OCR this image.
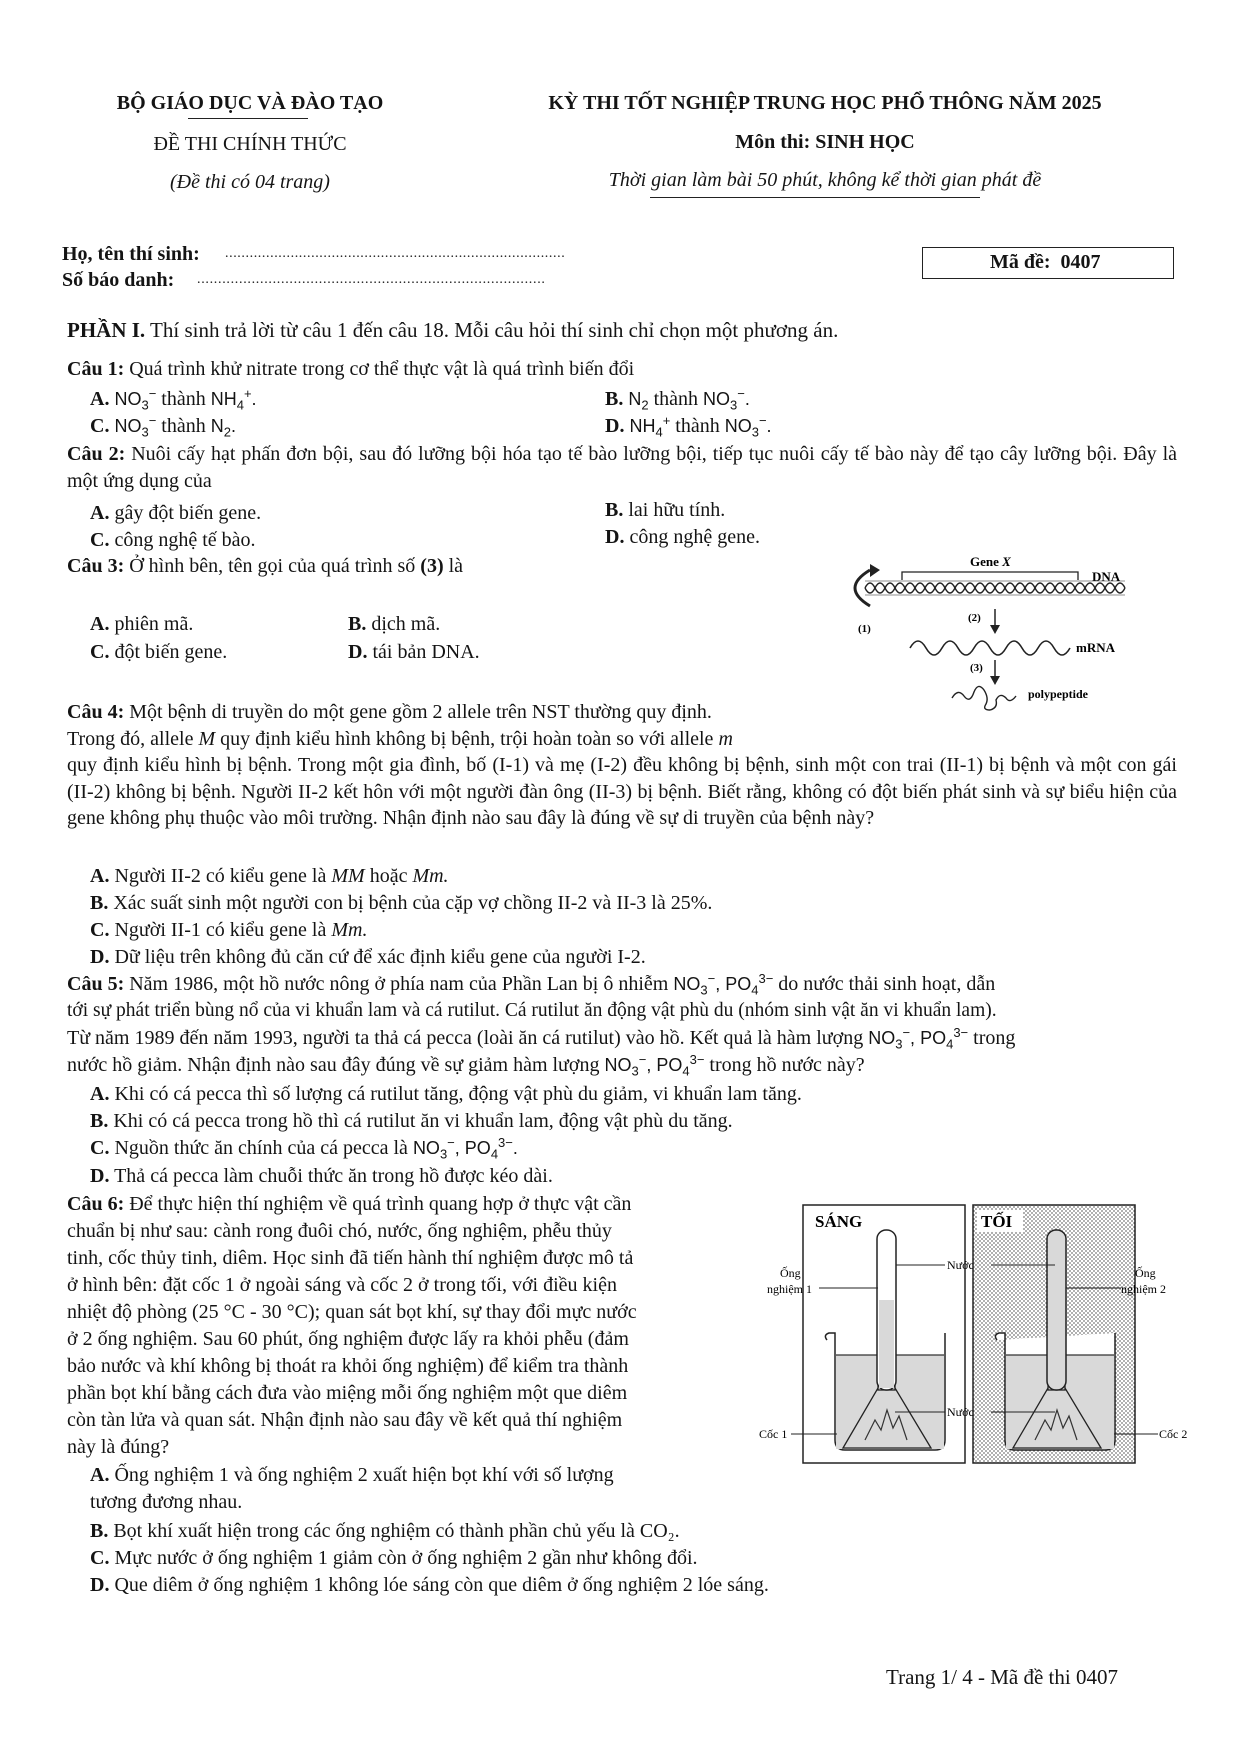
BỘ GIÁO DỤC VÀ ĐÀO TẠO
ĐỀ THI CHÍNH THỨC
(Đề thi có 04 trang)
KỲ THI TỐT NGHIỆP TRUNG HỌC PHỔ THÔNG NĂM 2025
Môn thi: SINH HỌC
Thời gian làm bài 50 phút, không kể thời gian phát đề
Họ, tên thí sinh: ...................................................................................
Số báo danh: ...................................................................................
Mã đề: 0407
PHẦN I. Thí sinh trả lời từ câu 1 đến câu 18. Mỗi câu hỏi thí sinh chỉ chọn một phương án.
Câu 1: Quá trình khử nitrate trong cơ thể thực vật là quá trình biến đổi
A. $NO_3^-$ thành $NH_4^+$.	B. $N_2$ thành $NO_3^-$.
C. $NO_3^-$ thành $N_2$.	D. $NH_4^+$ thành $NO_3^-$.
Câu 2: Nuôi cấy hạt phấn đơn bội, sau đó lưỡng bội hóa tạo tế bào lưỡng bội, tiếp tục nuôi cấy tế bào này để tạo cây lưỡng bội. Đây là một ứng dụng của
A. gây đột biến gene.	B. lai hữu tính.
C. công nghệ tế bào.	D. công nghệ gene.
Câu 3: Ở hình bên, tên gọi của quá trình số (3) là
A. phiên mã.	B. dịch mã.
C. đột biến gene.	D. tái bản DNA.
Gene X
DNA
(1)
(2)
mRNA
(3)
polypeptide
Câu 4: Một bệnh di truyền do một gene gồm 2 allele trên NST thường quy định.
Trong đó, allele M quy định kiểu hình không bị bệnh, trội hoàn toàn so với allele m
quy định kiểu hình bị bệnh. Trong một gia đình, bố (I-1) và mẹ (I-2) đều không bị bệnh, sinh một con trai (II-1) bị bệnh và một con gái (II-2) không bị bệnh. Người II-2 kết hôn với một người đàn ông (II-3) bị bệnh. Biết rằng, không có đột biến phát sinh và sự biểu hiện của gene không phụ thuộc vào môi trường. Nhận định nào sau đây là đúng về sự di truyền của bệnh này?
A. Người II-2 có kiểu gene là MM hoặc Mm.
B. Xác suất sinh một người con bị bệnh của cặp vợ chồng II-2 và II-3 là 25%.
C. Người II-1 có kiểu gene là Mm.
D. Dữ liệu trên không đủ căn cứ để xác định kiểu gene của người I-2.
Câu 5: Năm 1986, một hồ nước nông ở phía nam của Phần Lan bị ô nhiễm $NO_3^-$, $PO_4^{3-}$ do nước thải sinh hoạt, dẫn
tới sự phát triển bùng nổ của vi khuẩn lam và cá rutilut. Cá rutilut ăn động vật phù du (nhóm sinh vật ăn vi khuẩn lam).
Từ năm 1989 đến năm 1993, người ta thả cá pecca (loài ăn cá rutilut) vào hồ. Kết quả là hàm lượng $NO_3^-$, $PO_4^{3-}$ trong
nước hồ giảm. Nhận định nào sau đây đúng về sự giảm hàm lượng $NO_3^-$, $PO_4^{3-}$ trong hồ nước này?
A. Khi có cá pecca thì số lượng cá rutilut tăng, động vật phù du giảm, vi khuẩn lam tăng.
B. Khi có cá pecca trong hồ thì cá rutilut ăn vi khuẩn lam, động vật phù du tăng.
C. Nguồn thức ăn chính của cá pecca là $NO_3^-$, $PO_4^{3-}$.
D. Thả cá pecca làm chuỗi thức ăn trong hồ được kéo dài.
Câu 6: Để thực hiện thí nghiệm về quá trình quang hợp ở thực vật cần
chuẩn bị như sau: cành rong đuôi chó, nước, ống nghiệm, phễu thủy
tinh, cốc thủy tinh, diêm. Học sinh đã tiến hành thí nghiệm được mô tả
ở hình bên: đặt cốc 1 ở ngoài sáng và cốc 2 ở trong tối, với điều kiện
nhiệt độ phòng (25 °C - 30 °C); quan sát bọt khí, sự thay đổi mực nước
ở 2 ống nghiệm. Sau 60 phút, ống nghiệm được lấy ra khỏi phễu (đảm
bảo nước và khí không bị thoát ra khỏi ống nghiệm) để kiểm tra thành
phần bọt khí bằng cách đưa vào miệng mỗi ống nghiệm một que diêm
còn tàn lửa và quan sát. Nhận định nào sau đây về kết quả thí nghiệm
này là đúng?
A. Ống nghiệm 1 và ống nghiệm 2 xuất hiện bọt khí với số lượng
tương đương nhau.
B. Bọt khí xuất hiện trong các ống nghiệm có thành phần chủ yếu là CO₂.
C. Mực nước ở ống nghiệm 1 giảm còn ở ống nghiệm 2 gần như không đổi.
D. Que diêm ở ống nghiệm 1 không lóe sáng còn que diêm ở ống nghiệm 2 lóe sáng.
SÁNG	TỐI
Nước
Nước
Ống
nghiệm 1
Ống
nghiệm 2
Cốc 1	Cốc 2
Trang 1/ 4 - Mã đề thi 0407
